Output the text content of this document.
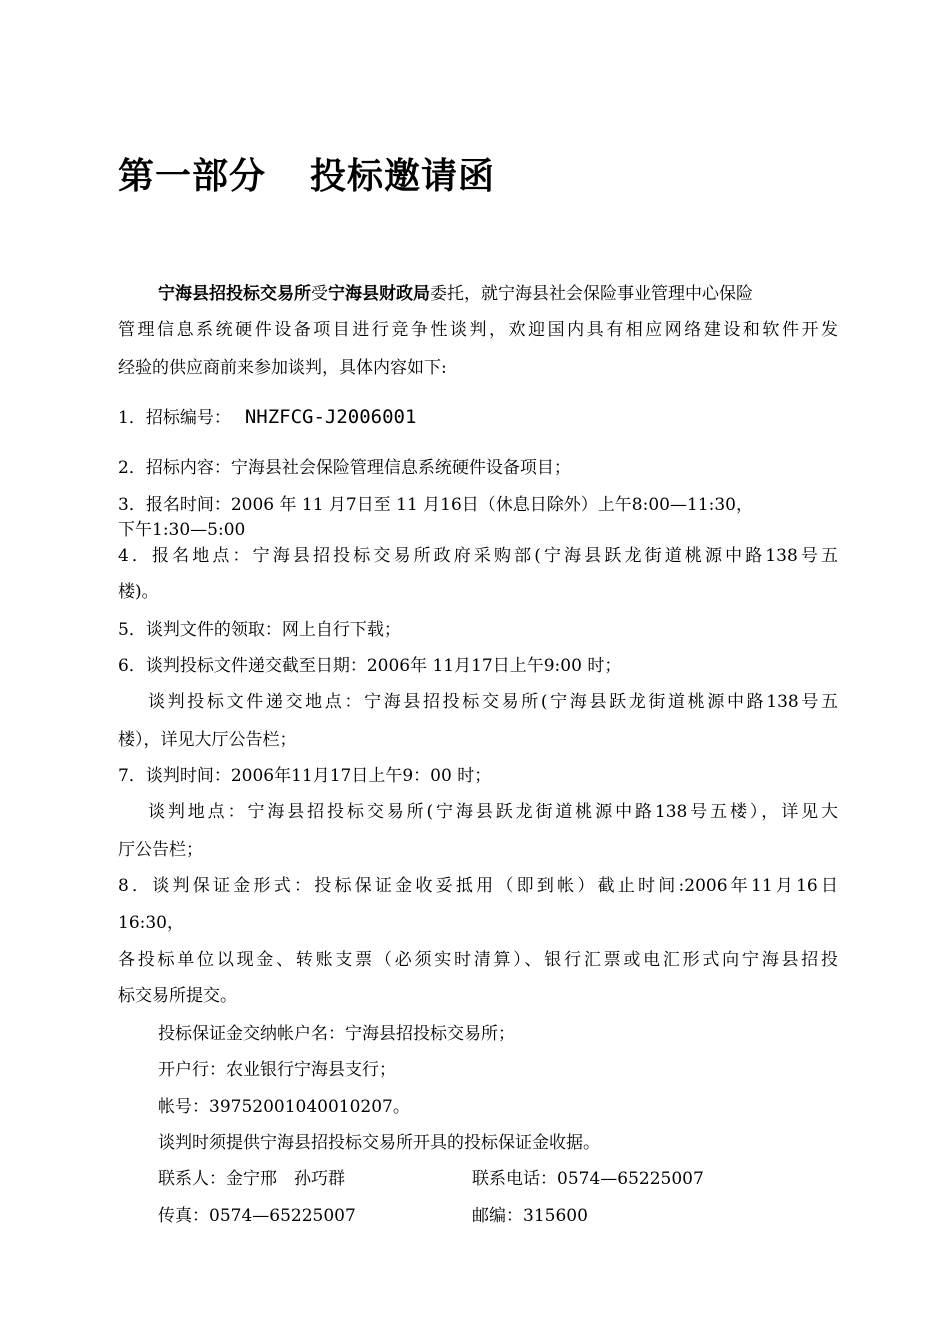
第一部分 投标邀请函
宁海县招投标交易所受宁海县财政局委托，就宁海县社会保险事业管理中心保险
管理信息系统硬件设备项目进行竞争性谈判，欢迎国内具有相应网络建设和软件开发
经验的供应商前来参加谈判，具体内容如下:
1．招标编号： NHZFCG-J2006001
2．招标内容：宁海县社会保险管理信息系统硬件设备项目；
3．报名时间：2006 年 11 月7日至 11 月16日（休息日除外）上午8:00—11:30，
下午1:30—5:00
4．报名地点：宁海县招投标交易所政府采购部(宁海县跃龙街道桃源中路138号五
楼)。
5．谈判文件的领取：网上自行下载；
6．谈判投标文件递交截至日期：2006年 11月17日上午9:00 时；
谈判投标文件递交地点：宁海县招投标交易所(宁海县跃龙街道桃源中路138号五
楼），详见大厅公告栏；
7．谈判时间：2006年11月17日上午9：00 时；
谈判地点：宁海县招投标交易所(宁海县跃龙街道桃源中路138号五楼），详见大
厅公告栏；
8．谈判保证金形式：投标保证金收妥抵用（即到帐）截止时间:2006年11月16日
16:30，
各投标单位以现金、转账支票（必须实时清算）、银行汇票或电汇形式向宁海县招投
标交易所提交。
投标保证金交纳帐户名：宁海县招投标交易所；
开户行：农业银行宁海县支行；
帐号：39752001040010207。
谈判时须提供宁海县招投标交易所开具的投标保证金收据。
联系人：金宁邢　孙巧群	联系电话：0574—65225007
传真：0574—65225007	邮编：315600
